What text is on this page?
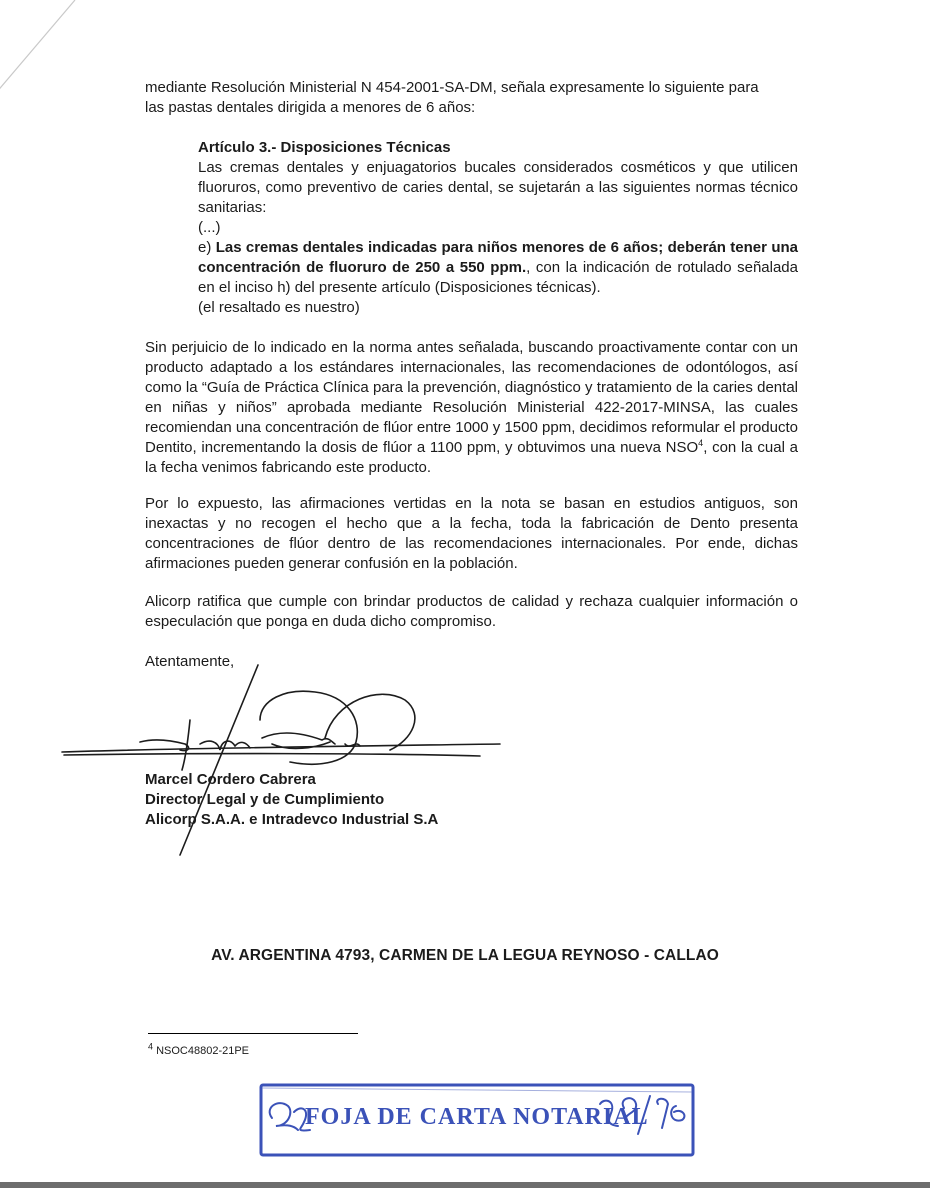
mediante Resolución Ministerial N 454-2001-SA-DM, señala expresamente lo siguiente para
las pastas dentales dirigida a menores de 6 años:

Artículo 3.- Disposiciones Técnicas
Las cremas dentales y enjuagatorios bucales considerados cosméticos y que utilicen fluoruros, como preventivo de caries dental, se sujetarán a las siguientes normas técnico sanitarias:
(...)
e) Las cremas dentales indicadas para niños menores de 6 años; deberán tener una concentración de fluoruro de 250 a 550 ppm., con la indicación de rotulado señalada en el inciso h) del presente artículo (Disposiciones técnicas).
(el resaltado es nuestro)

Sin perjuicio de lo indicado en la norma antes señalada, buscando proactivamente contar con un producto adaptado a los estándares internacionales, las recomendaciones de odontólogos, así como la “Guía de Práctica Clínica para la prevención, diagnóstico y tratamiento de la caries dental en niñas y niños” aprobada mediante Resolución Ministerial 422-2017-MINSA, las cuales recomiendan una concentración de flúor entre 1000 y 1500 ppm, decidimos reformular el producto Dentito, incrementando la dosis de flúor a 1100 ppm, y obtuvimos una nueva NSO$^4$, con la cual a la fecha venimos fabricando este producto.

Por lo expuesto, las afirmaciones vertidas en la nota se basan en estudios antiguos, son inexactas y no recogen el hecho que a la fecha, toda la fabricación de Dento presenta concentraciones de flúor dentro de las recomendaciones internacionales. Por ende, dichas afirmaciones pueden generar confusión en la población.

Alicorp ratifica que cumple con brindar productos de calidad y rechaza cualquier información o especulación que ponga en duda dicho compromiso.

Atentamente,

Marcel Cordero Cabrera
Director Legal y de Cumplimiento
Alicorp S.A.A. e Intradevco Industrial S.A
AV. ARGENTINA 4793, CARMEN DE LA LEGUA REYNOSO - CALLAO
$^4$ NSOC48802-21PE
FOJA DE CARTA NOTARIAL
